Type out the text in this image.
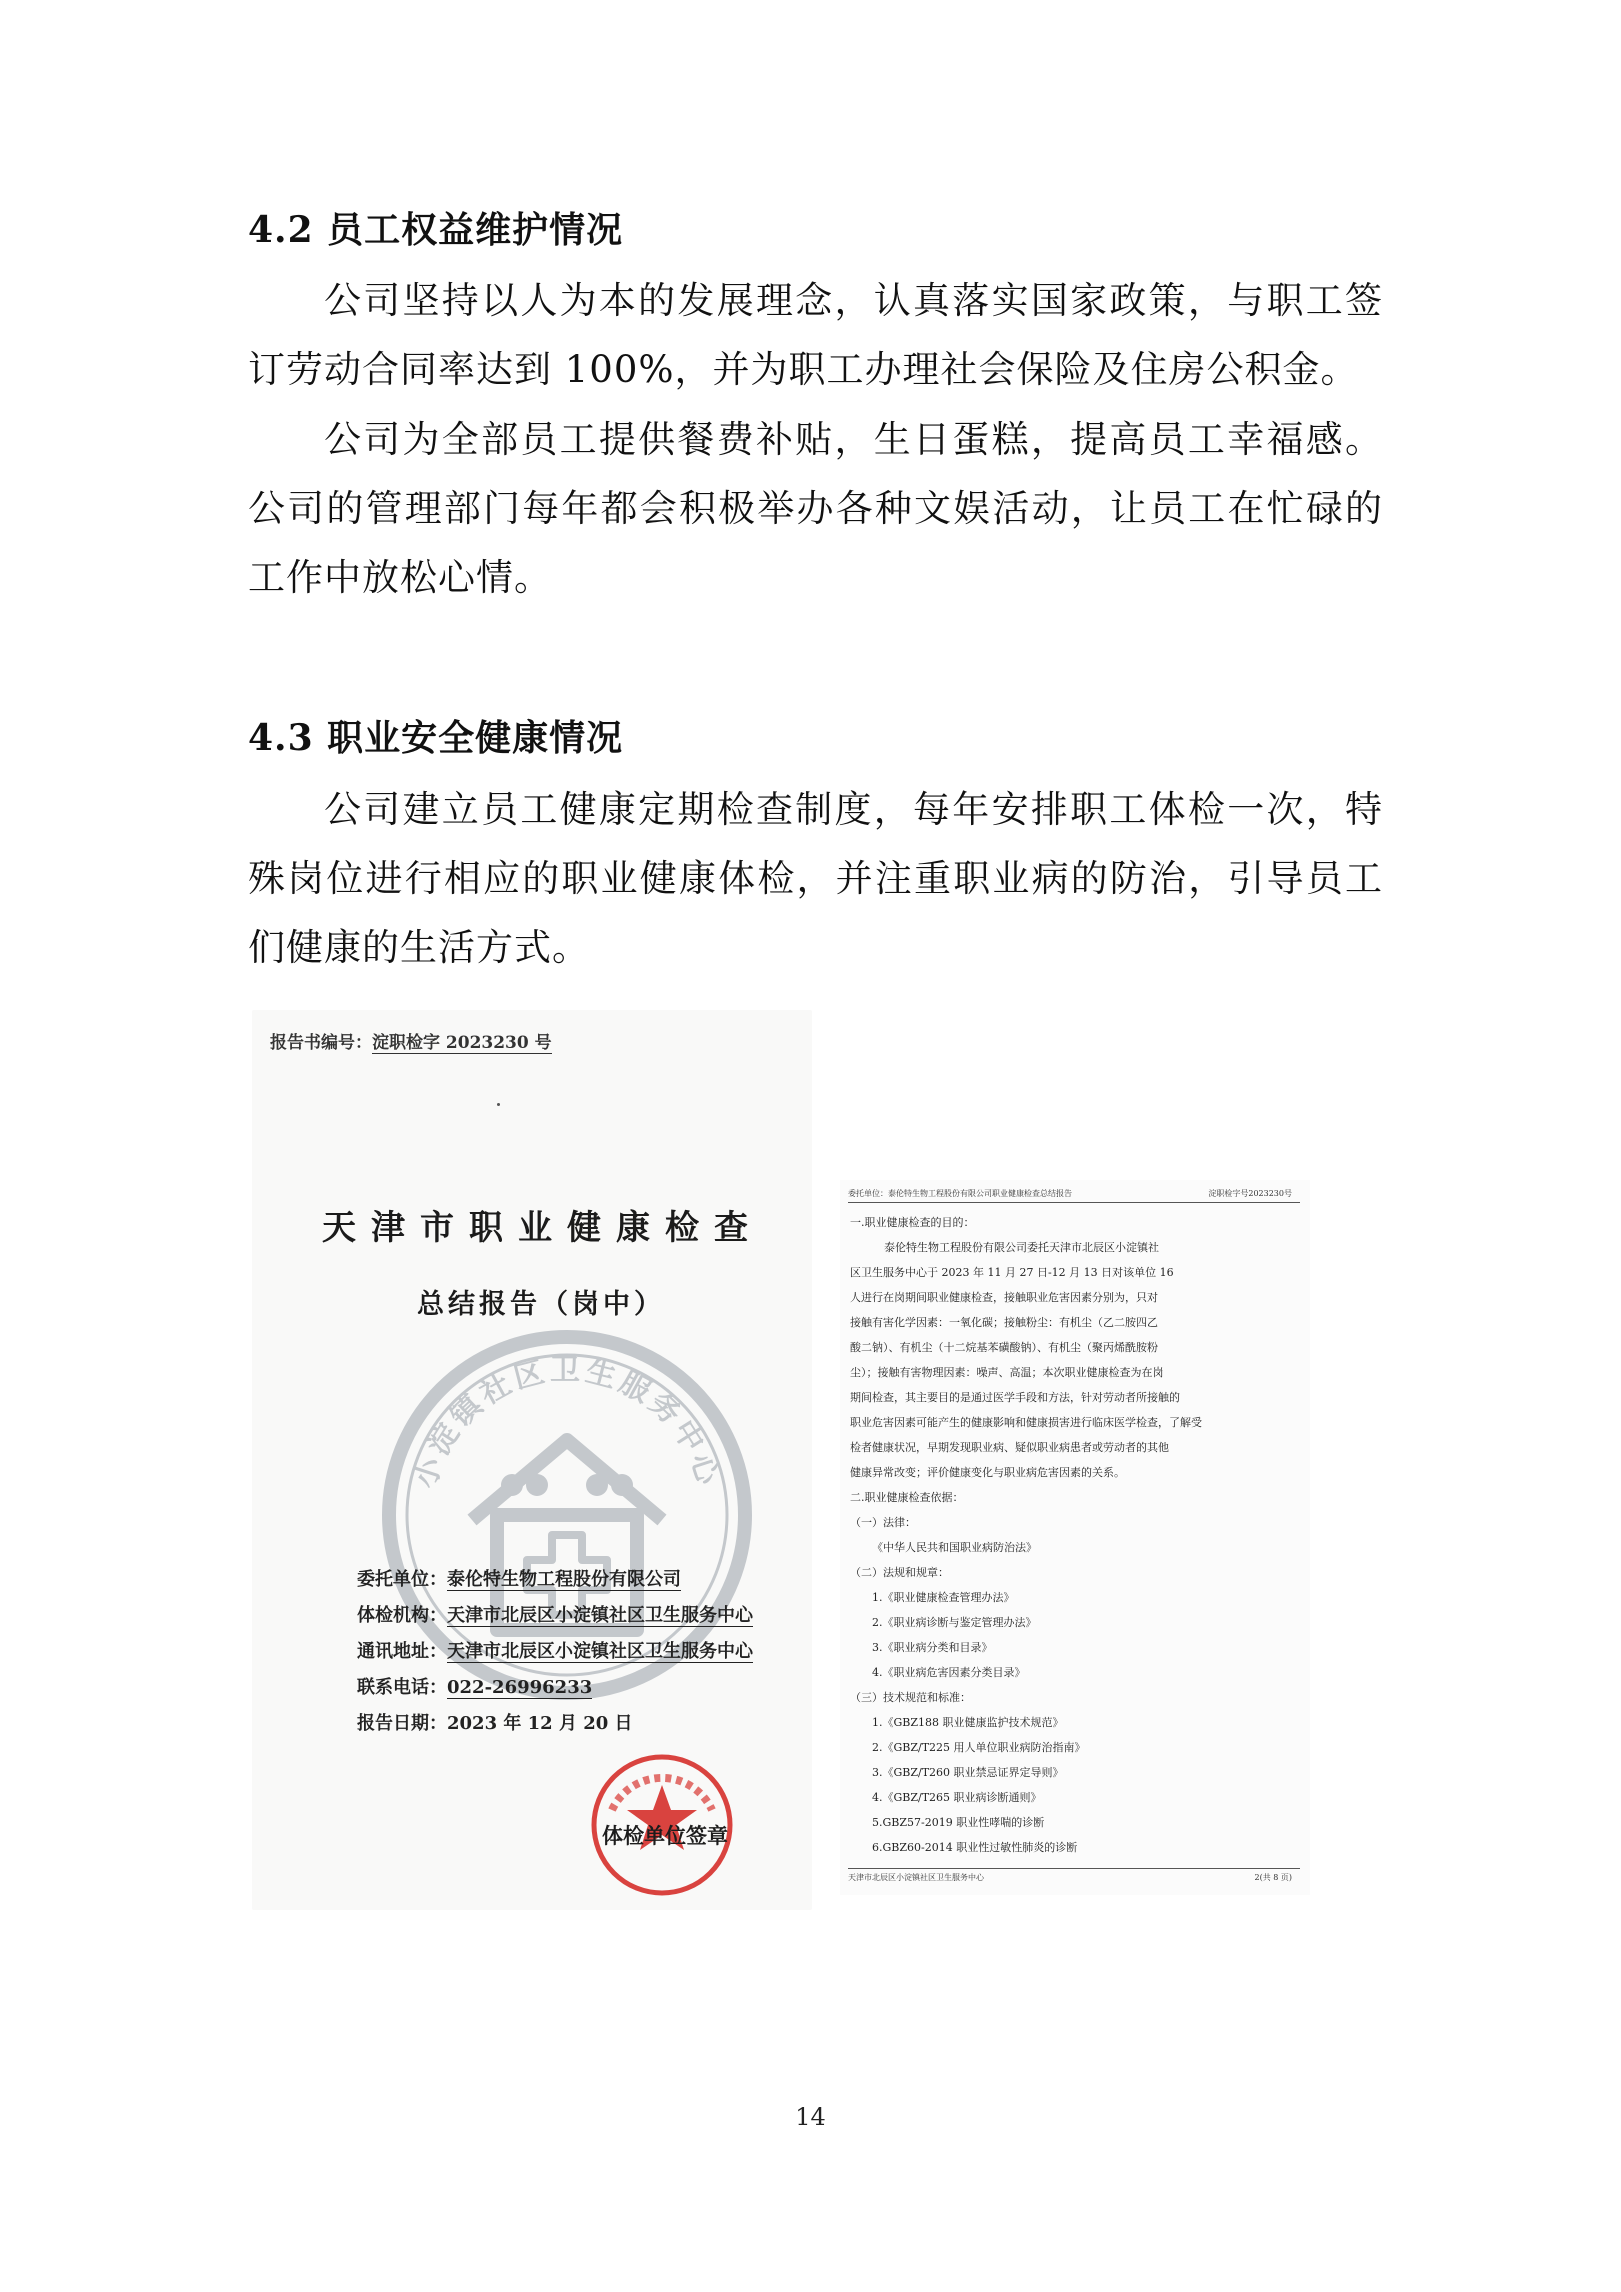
4.2 员工权益维护情况
公司坚持以人为本的发展理念，认真落实国家政策，与职工签订劳动合同率达到 100%，并为职工办理社会保险及住房公积金。
公司为全部员工提供餐费补贴，生日蛋糕，提高员工幸福感。公司的管理部门每年都会积极举办各种文娱活动，让员工在忙碌的工作中放松心情。
4.3 职业安全健康情况
公司建立员工健康定期检查制度，每年安排职工体检一次，特殊岗位进行相应的职业健康体检，并注重职业病的防治，引导员工们健康的生活方式。
报告书编号：淀职检字 2023230 号
天津市职业健康检查
总结报告（岗中）
小淀镇社区卫生服务中心
委托单位：泰伦特生物工程股份有限公司
体检机构：天津市北辰区小淀镇社区卫生服务中心
通讯地址：天津市北辰区小淀镇社区卫生服务中心
联系电话：022-26996233
报告日期：2023 年 12 月 20 日
体检单位签章
委托单位：泰伦特生物工程股份有限公司职业健康检查总结报告	淀职检字号2023230号
一.职业健康检查的目的：
泰伦特生物工程股份有限公司委托天津市北辰区小淀镇社
区卫生服务中心于 2023 年 11 月 27 日-12 月 13 日对该单位 16
人进行在岗期间职业健康检查，接触职业危害因素分别为，只对
接触有害化学因素：一氧化碳；接触粉尘：有机尘（乙二胺四乙
酸二钠）、有机尘（十二烷基苯磺酸钠）、有机尘（聚丙烯酰胺粉
尘）；接触有害物理因素：噪声、高温；本次职业健康检查为在岗
期间检查，其主要目的是通过医学手段和方法，针对劳动者所接触的
职业危害因素可能产生的健康影响和健康损害进行临床医学检查，了解受
检者健康状况，早期发现职业病、疑似职业病患者或劳动者的其他
健康异常改变；评价健康变化与职业病危害因素的关系。
二.职业健康检查依据：
（一）法律：
《中华人民共和国职业病防治法》
（二）法规和规章：
1.《职业健康检查管理办法》
2.《职业病诊断与鉴定管理办法》
3.《职业病分类和目录》
4.《职业病危害因素分类目录》
（三）技术规范和标准：
1.《GBZ188 职业健康监护技术规范》
2.《GBZ/T225 用人单位职业病防治指南》
3.《GBZ/T260 职业禁忌证界定导则》
4.《GBZ/T265 职业病诊断通则》
5.GBZ57-2019 职业性哮喘的诊断
6.GBZ60-2014 职业性过敏性肺炎的诊断
天津市北辰区小淀镇社区卫生服务中心	2(共 8 页)
14
